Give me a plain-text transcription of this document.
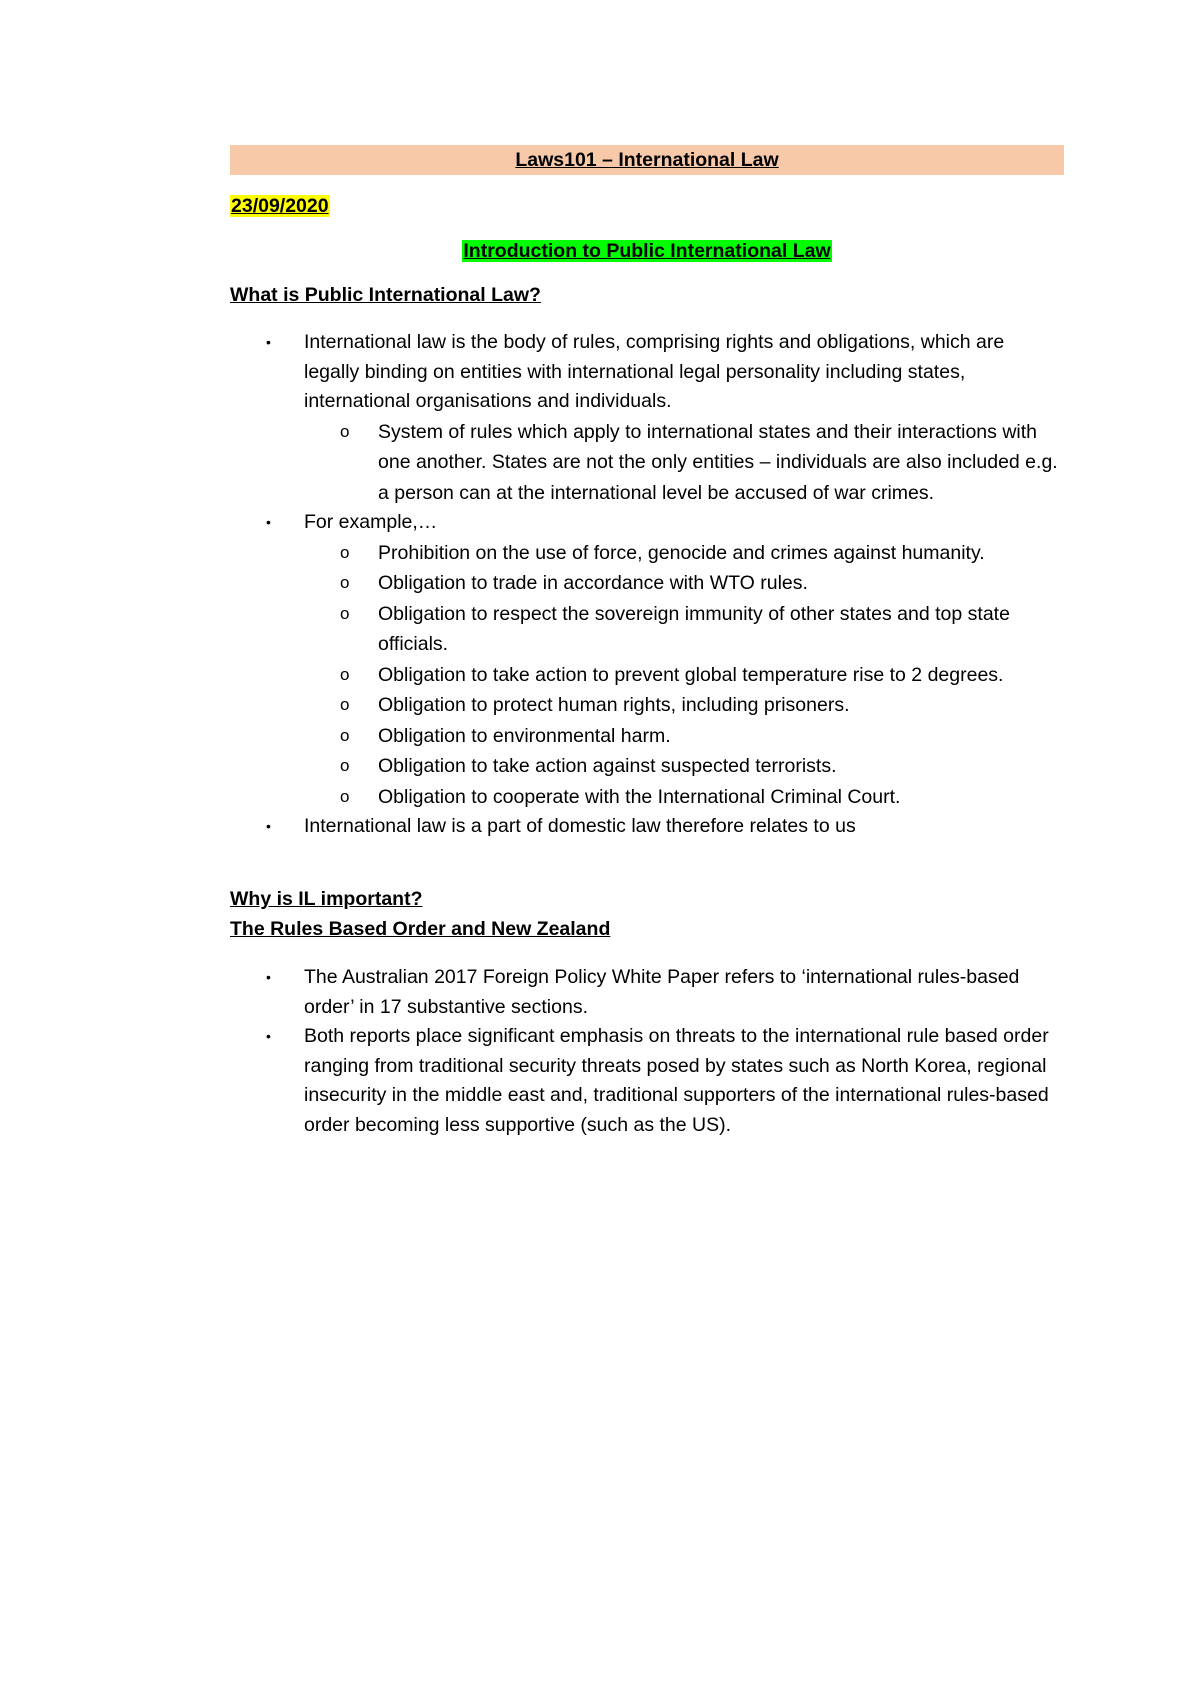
Laws101 – International Law
23/09/2020
Introduction to Public International Law
What is Public International Law?
• International law is the body of rules, comprising rights and obligations, which are legally binding on entities with international legal personality including states, international organisations and individuals.
o System of rules which apply to international states and their interactions with one another. States are not the only entities – individuals are also included e.g. a person can at the international level be accused of war crimes.
• For example,…
o Prohibition on the use of force, genocide and crimes against humanity.
o Obligation to trade in accordance with WTO rules.
o Obligation to respect the sovereign immunity of other states and top state officials.
o Obligation to take action to prevent global temperature rise to 2 degrees.
o Obligation to protect human rights, including prisoners.
o Obligation to environmental harm.
o Obligation to take action against suspected terrorists.
o Obligation to cooperate with the International Criminal Court.
• International law is a part of domestic law therefore relates to us
Why is IL important?
The Rules Based Order and New Zealand
• The Australian 2017 Foreign Policy White Paper refers to ‘international rules-based order’ in 17 substantive sections.
• Both reports place significant emphasis on threats to the international rule based order ranging from traditional security threats posed by states such as North Korea, regional insecurity in the middle east and, traditional supporters of the international rules-based order becoming less supportive (such as the US).
